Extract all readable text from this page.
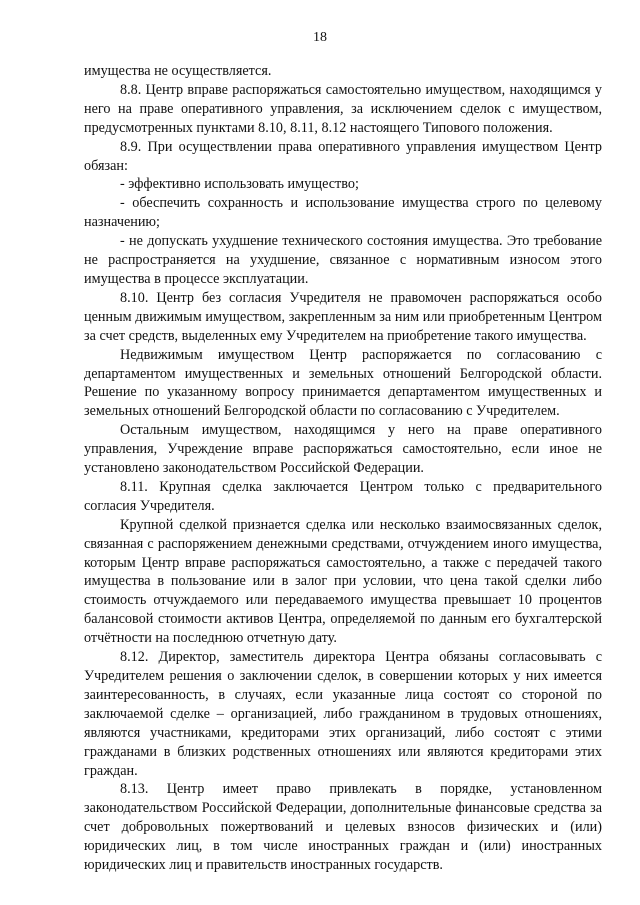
18

имущества не осуществляется.

8.8. Центр вправе распоряжаться самостоятельно имуществом, находящимся у него на праве оперативного управления, за исключением сделок с имуществом, предусмотренных пунктами 8.10, 8.11, 8.12 настоящего Типового положения.

8.9. При осуществлении права оперативного управления имуществом Центр обязан:

- эффективно использовать имущество;

- обеспечить сохранность и использование имущества строго по целевому назначению;

- не допускать ухудшение технического состояния имущества. Это требование не распространяется на ухудшение, связанное с нормативным износом этого имущества в процессе эксплуатации.

8.10. Центр без согласия Учредителя не правомочен распоряжаться особо ценным движимым имуществом, закрепленным за ним или приобретенным Центром за счет средств, выделенных ему Учредителем на приобретение такого имущества.

Недвижимым имуществом Центр распоряжается по согласованию с департаментом имущественных и земельных отношений Белгородской области. Решение по указанному вопросу принимается департаментом имущественных и земельных отношений Белгородской области по согласованию с Учредителем.

Остальным имуществом, находящимся у него на праве оперативного управления, Учреждение вправе распоряжаться самостоятельно, если иное не установлено законодательством Российской Федерации.

8.11. Крупная сделка заключается Центром только с предварительного согласия Учредителя.

Крупной сделкой признается сделка или несколько взаимосвязанных сделок, связанная с распоряжением денежными средствами, отчуждением иного имущества, которым Центр вправе распоряжаться самостоятельно, а также с передачей такого имущества в пользование или в залог при условии, что цена такой сделки либо стоимость отчуждаемого или передаваемого имущества превышает 10 процентов балансовой стоимости активов Центра, определяемой по данным его бухгалтерской отчётности на последнюю отчетную дату.

8.12. Директор, заместитель директора Центра обязаны согласовывать с Учредителем решения о заключении сделок, в совершении которых у них имеется заинтересованность, в случаях, если указанные лица состоят со стороной по заключаемой сделке – организацией, либо гражданином в трудовых отношениях, являются участниками, кредиторами этих организаций, либо состоят с этими гражданами в близких родственных отношениях или являются кредиторами этих граждан.

8.13. Центр имеет право привлекать в порядке, установленном законодательством Российской Федерации, дополнительные финансовые средства за счет добровольных пожертвований и целевых взносов физических и (или) юридических лиц, в том числе иностранных граждан и (или) иностранных юридических лиц и правительств иностранных государств.
